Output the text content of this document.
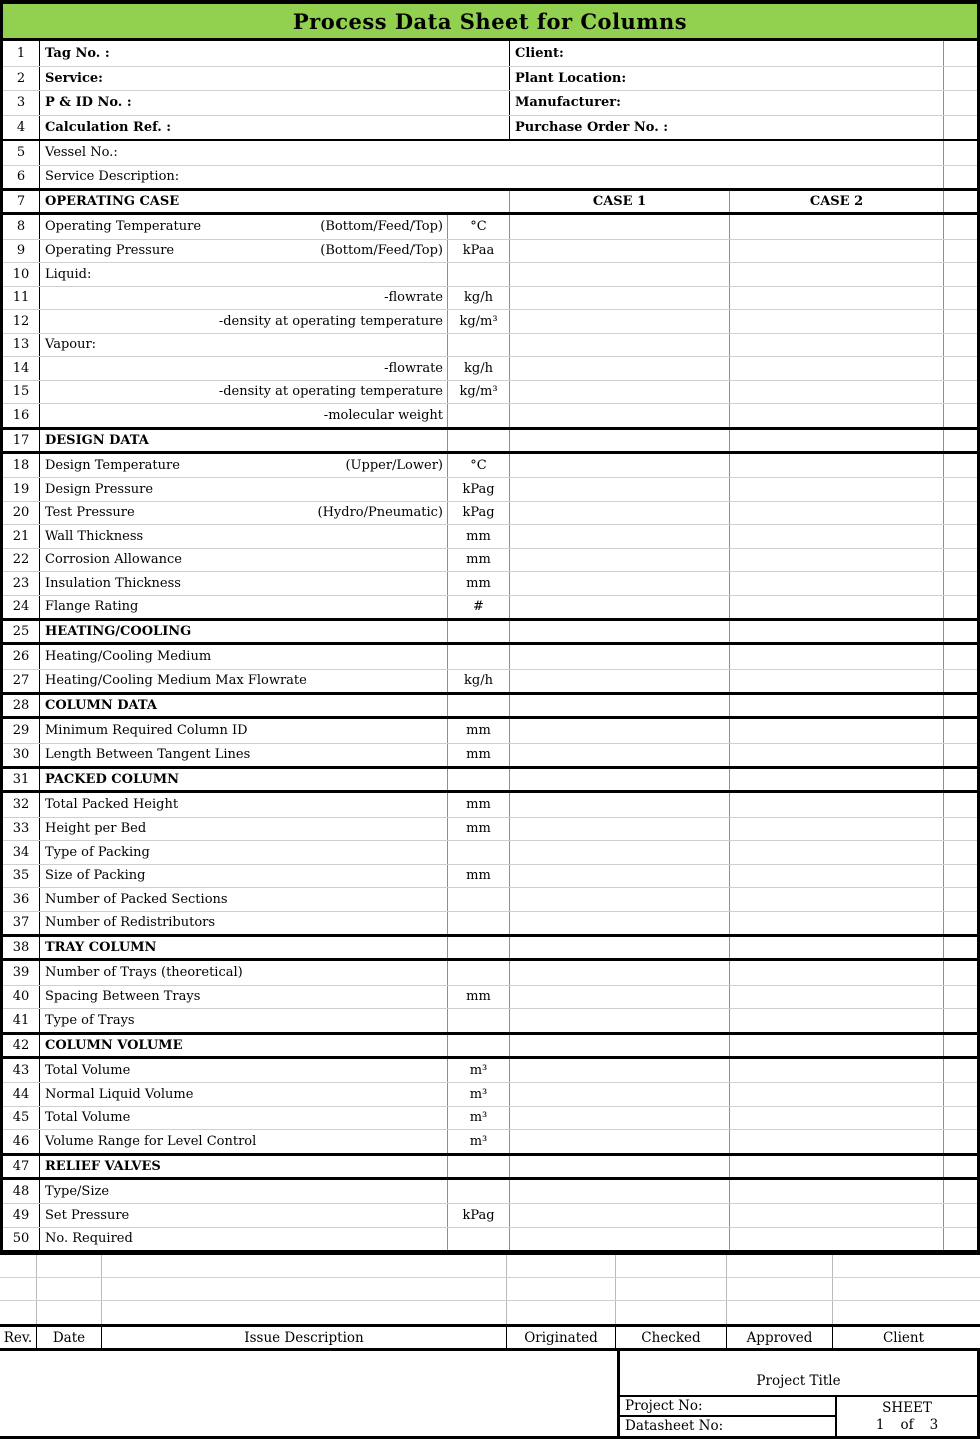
Process Data Sheet for Columns
1	Tag No. :	Client:
2	Service:	Plant Location:
3	P & ID No. :	Manufacturer:
4	Calculation Ref. :	Purchase Order No. :
5	Vessel No.:
6	Service Description:
7	OPERATING CASE	CASE 1	CASE 2
8	Operating Temperature	(Bottom/Feed/Top)	°C
9	Operating Pressure	(Bottom/Feed/Top)	kPaa
10	Liquid:
11	-flowrate	kg/h
12	-density at operating temperature	kg/m³
13	Vapour:
14	-flowrate	kg/h
15	-density at operating temperature	kg/m³
16	-molecular weight
17	DESIGN DATA
18	Design Temperature	(Upper/Lower)	°C
19	Design Pressure	kPag
20	Test Pressure	(Hydro/Pneumatic)	kPag
21	Wall Thickness	mm
22	Corrosion Allowance	mm
23	Insulation Thickness	mm
24	Flange Rating	#
25	HEATING/COOLING
26	Heating/Cooling Medium
27	Heating/Cooling Medium Max Flowrate	kg/h
28	COLUMN DATA
29	Minimum Required Column ID	mm
30	Length Between Tangent Lines	mm
31	PACKED COLUMN
32	Total Packed Height	mm
33	Height per Bed	mm
34	Type of Packing
35	Size of Packing	mm
36	Number of Packed Sections
37	Number of Redistributors
38	TRAY COLUMN
39	Number of Trays (theoretical)
40	Spacing Between Trays	mm
41	Type of Trays
42	COLUMN VOLUME
43	Total Volume	m³
44	Normal Liquid Volume	m³
45	Total Volume	m³
46	Volume Range for Level Control	m³
47	RELIEF VALVES
48	Type/Size
49	Set Pressure	kPag
50	No. Required
Rev.	Date	Issue Description	Originated	Checked	Approved	Client
Project Title
Project No:
Datasheet No:
SHEET
1 of 3
